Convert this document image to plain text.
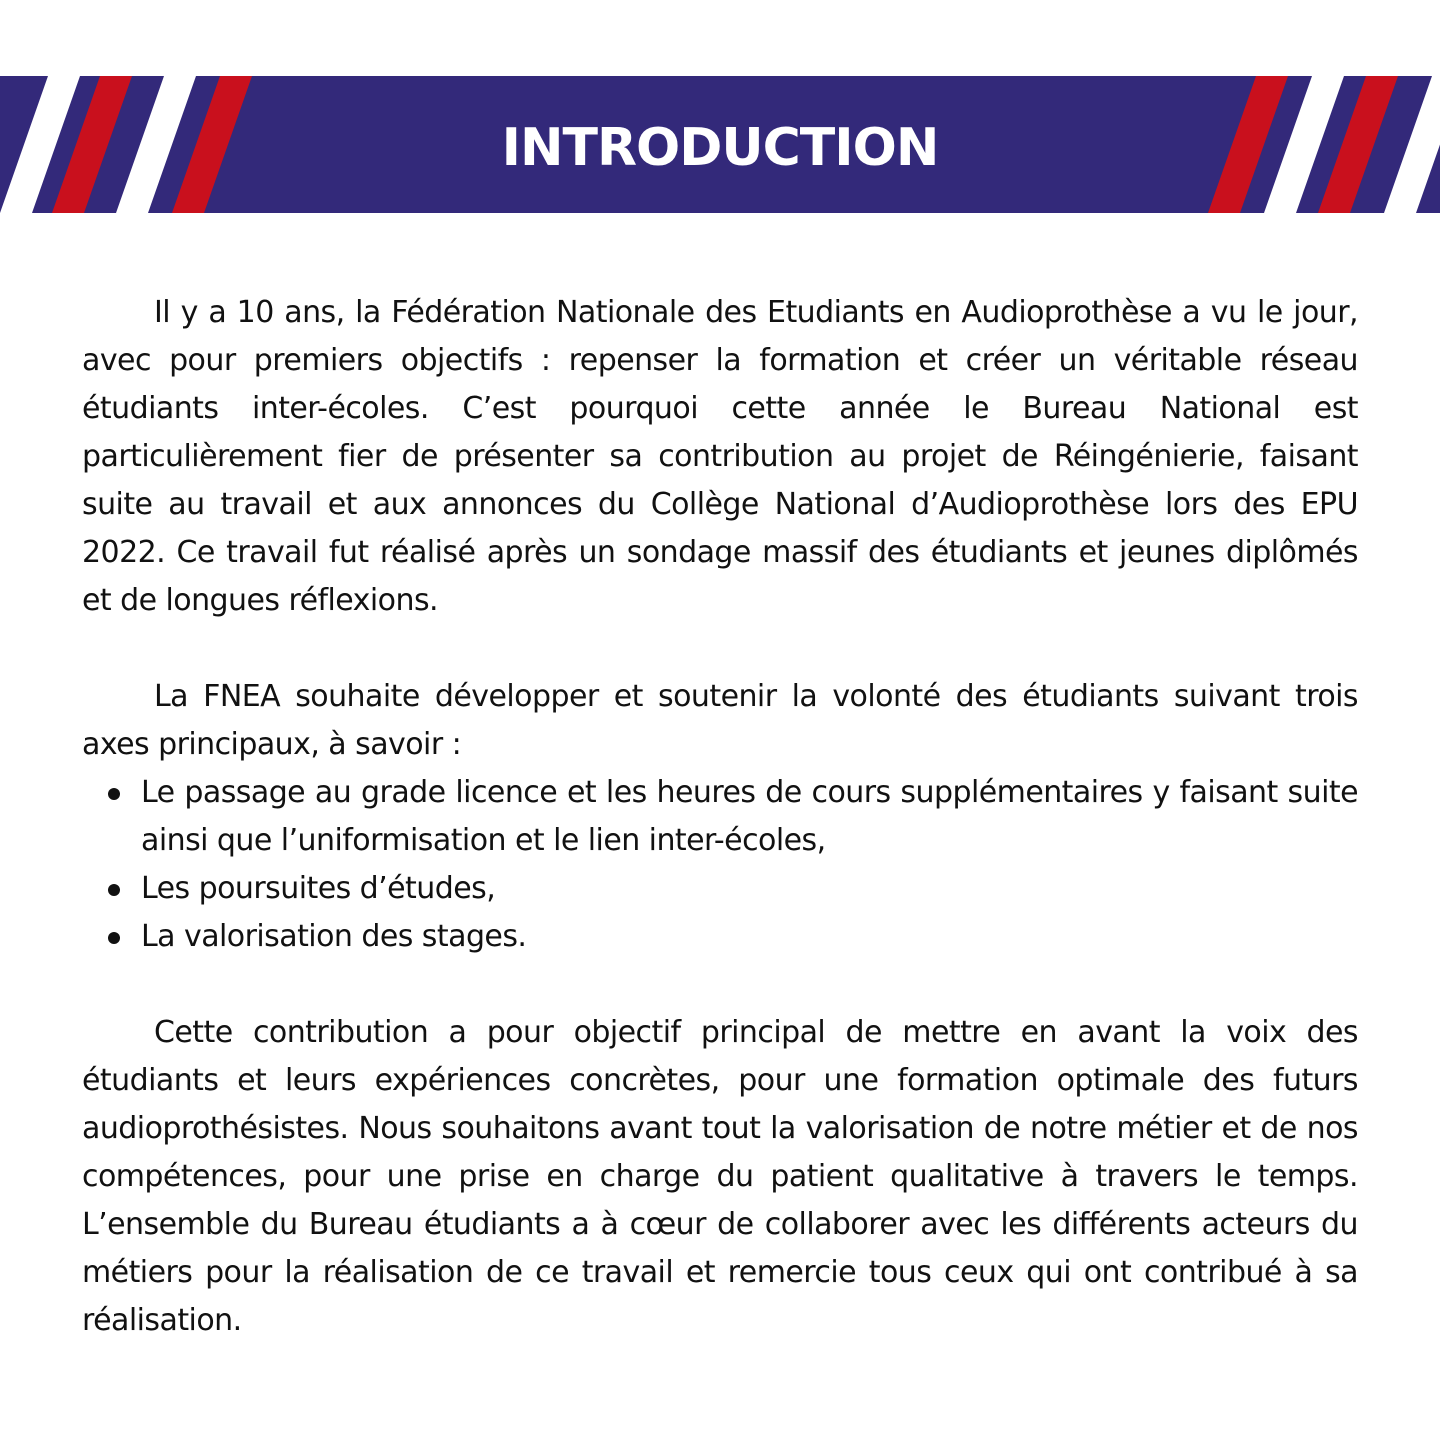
INTRODUCTION

Il y a 10 ans, la Fédération Nationale des Etudiants en Audioprothèse a vu le jour, avec pour premiers objectifs : repenser la formation et créer un véritable réseau étudiants inter-écoles. C’est pourquoi cette année le Bureau National est particulièrement fier de présenter sa contribution au projet de Réingénierie, faisant suite au travail et aux annonces du Collège National d’Audioprothèse lors des EPU 2022. Ce travail fut réalisé après un sondage massif des étudiants et jeunes diplômés et de longues réflexions.

La FNEA souhaite développer et soutenir la volonté des étudiants suivant trois axes principaux, à savoir :

Le passage au grade licence et les heures de cours supplémentaires y faisant suite ainsi que l’uniformisation et le lien inter-écoles,
Les poursuites d’études,
La valorisation des stages.

Cette contribution a pour objectif principal de mettre en avant la voix des étudiants et leurs expériences concrètes, pour une formation optimale des futurs audioprothésistes. Nous souhaitons avant tout la valorisation de notre métier et de nos compétences, pour une prise en charge du patient qualitative à travers le temps. L’ensemble du Bureau étudiants a à cœur de collaborer avec les différents acteurs du métiers pour la réalisation de ce travail et remercie tous ceux qui ont contribué à sa réalisation.
